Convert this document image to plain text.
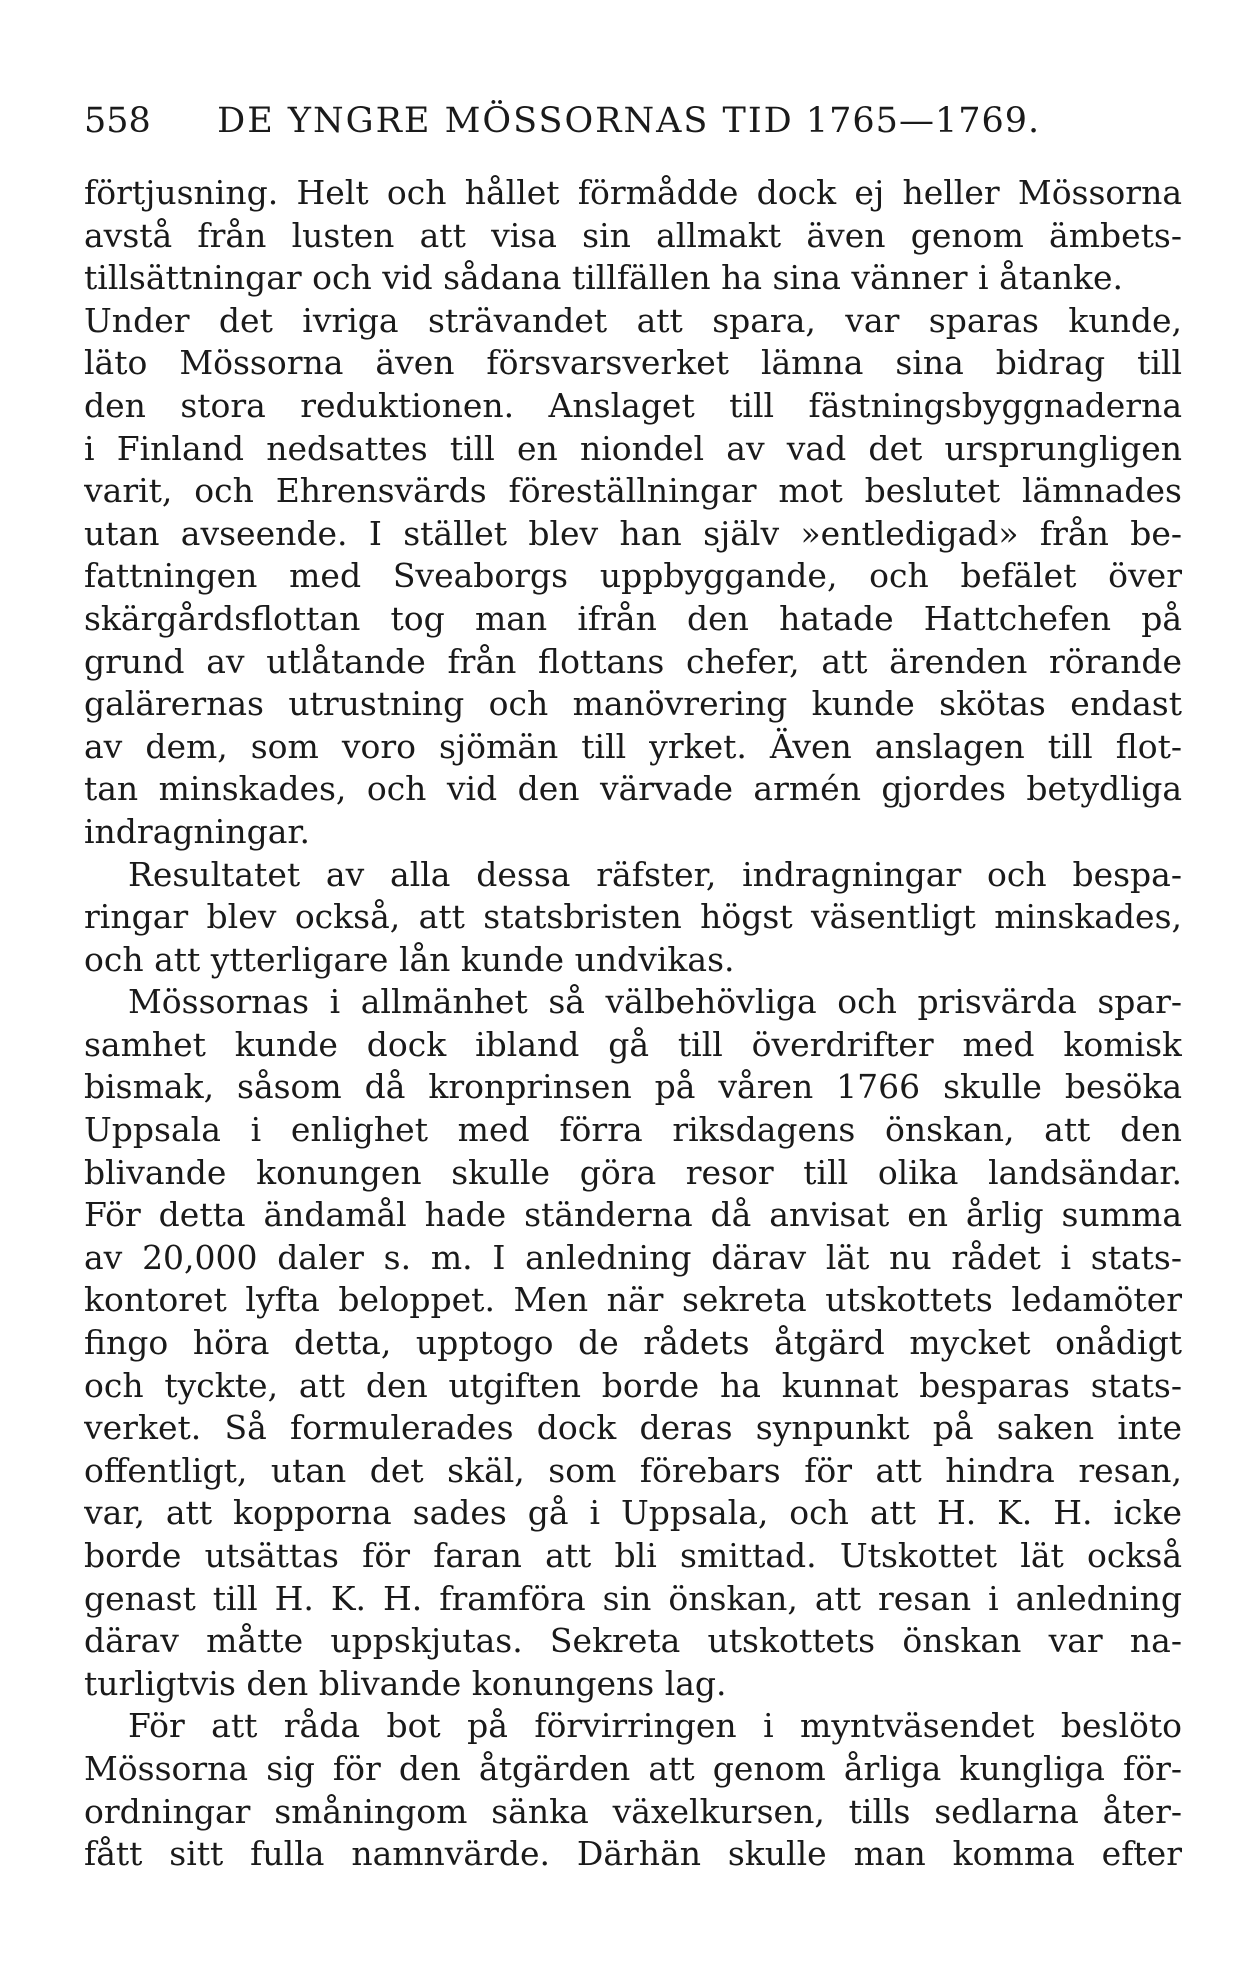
558 DE YNGRE MÖSSORNAS TID 1765—1769.
förtjusning. Helt och hållet förmådde dock ej heller Mössorna
avstå från lusten att visa sin allmakt även genom ämbets-
tillsättningar och vid sådana tillfällen ha sina vänner i åtanke.
Under det ivriga strävandet att spara, var sparas kunde,
läto Mössorna även försvarsverket lämna sina bidrag till
den stora reduktionen. Anslaget till fästningsbyggnaderna
i Finland nedsattes till en niondel av vad det ursprungligen
varit, och Ehrensvärds föreställningar mot beslutet lämnades
utan avseende. I stället blev han själv »entledigad» från be-
fattningen med Sveaborgs uppbyggande, och befälet över
skärgårdsflottan tog man ifrån den hatade Hattchefen på
grund av utlåtande från flottans chefer, att ärenden rörande
galärernas utrustning och manövrering kunde skötas endast
av dem, som voro sjömän till yrket. Även anslagen till flot-
tan minskades, och vid den värvade armén gjordes betydliga
indragningar.
Resultatet av alla dessa räfster, indragningar och bespa-
ringar blev också, att statsbristen högst väsentligt minskades,
och att ytterligare lån kunde undvikas.
Mössornas i allmänhet så välbehövliga och prisvärda spar-
samhet kunde dock ibland gå till överdrifter med komisk
bismak, såsom då kronprinsen på våren 1766 skulle besöka
Uppsala i enlighet med förra riksdagens önskan, att den
blivande konungen skulle göra resor till olika landsändar.
För detta ändamål hade ständerna då anvisat en årlig summa
av 20,000 daler s. m. I anledning därav lät nu rådet i stats-
kontoret lyfta beloppet. Men när sekreta utskottets ledamöter
fingo höra detta, upptogo de rådets åtgärd mycket onådigt
och tyckte, att den utgiften borde ha kunnat besparas stats-
verket. Så formulerades dock deras synpunkt på saken inte
offentligt, utan det skäl, som förebars för att hindra resan,
var, att kopporna sades gå i Uppsala, och att H. K. H. icke
borde utsättas för faran att bli smittad. Utskottet lät också
genast till H. K. H. framföra sin önskan, att resan i anledning
därav måtte uppskjutas. Sekreta utskottets önskan var na-
turligtvis den blivande konungens lag.
För att råda bot på förvirringen i myntväsendet beslöto
Mössorna sig för den åtgärden att genom årliga kungliga för-
ordningar småningom sänka växelkursen, tills sedlarna åter-
fått sitt fulla namnvärde. Därhän skulle man komma efter
